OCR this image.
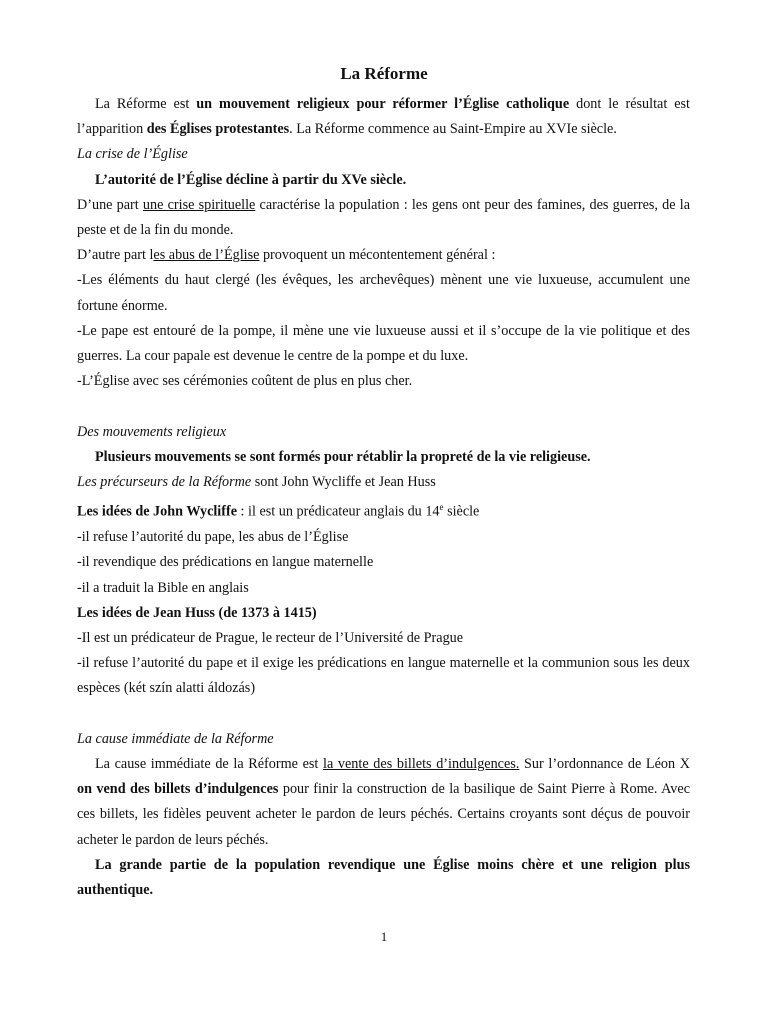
La Réforme

La Réforme est un mouvement religieux pour réformer l’Église catholique dont le résultat est l’apparition des Églises protestantes. La Réforme commence au Saint-Empire au XVIe siècle.

La crise de l’Église

L’autorité de l’Église décline à partir du XVe siècle.

D’une part une crise spirituelle caractérise la population : les gens ont peur des famines, des guerres, de la peste et de la fin du monde.

D’autre part les abus de l’Église provoquent un mécontentement général :

-Les éléments du haut clergé (les évêques, les archevêques) mènent une vie luxueuse, accumulent une fortune énorme.

-Le pape est entouré de la pompe, il mène une vie luxueuse aussi et il s’occupe de la vie politique et des guerres. La cour papale est devenue le centre de la pompe et du luxe.

-L’Église avec ses cérémonies coûtent de plus en plus cher.

Des mouvements religieux

Plusieurs mouvements se sont formés pour rétablir la propreté de la vie religieuse.

Les précurseurs de la Réforme sont John Wycliffe et Jean Huss

Les idées de John Wycliffe : il est un prédicateur anglais du 14e siècle

-il refuse l’autorité du pape, les abus de l’Église

-il revendique des prédications en langue maternelle

-il a traduit la Bible en anglais

Les idées de Jean Huss (de 1373 à 1415)

-Il est un prédicateur de Prague, le recteur de l’Université de Prague

-il refuse l’autorité du pape et il exige les prédications en langue maternelle et la communion sous les deux espèces (két szín alatti áldozás)

La cause immédiate de la Réforme

La cause immédiate de la Réforme est la vente des billets d’indulgences. Sur l’ordonnance de Léon X on vend des billets d’indulgences pour finir la construction de la basilique de Saint Pierre à Rome. Avec ces billets, les fidèles peuvent acheter le pardon de leurs péchés. Certains croyants sont déçus de pouvoir acheter le pardon de leurs péchés.

La grande partie de la population revendique une Église moins chère et une religion plus authentique.

1
